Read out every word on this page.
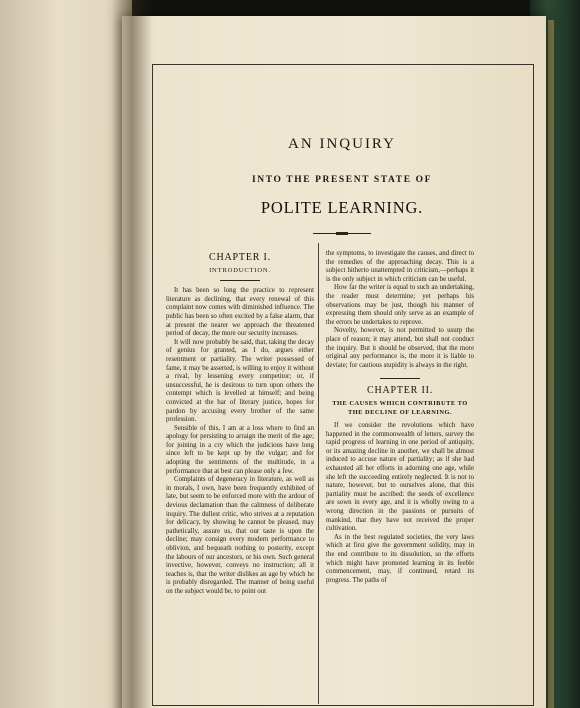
AN INQUIRY
INTO THE PRESENT STATE OF
POLITE LEARNING.
CHAPTER I.
INTRODUCTION.

It has been so long the practice to represent literature as declining, that every renewal of this complaint now comes with diminished influence. The public has been so often excited by a false alarm, that at present the nearer we approach the threatened period of decay, the more our security increases.

It will now probably be said, that, taking the decay of genius for granted, as I do, argues either resentment or partiality. The writer possessed of fame, it may be asserted, is willing to enjoy it without a rival, by lessening every competitor; or, if unsuccessful, he is desirous to turn upon others the contempt which is levelled at himself; and being convicted at the bar of literary justice, hopes for pardon by accusing every brother of the same profession.

Sensible of this, I am at a loss where to find an apology for persisting to arraign the merit of the age; for joining in a cry which the judicious have long since left to be kept up by the vulgar; and for adopting the sentiments of the multitude, in a performance that at best can please only a few.

Complaints of degeneracy in literature, as well as in morals, I own, have been frequently exhibited of late, but seem to be enforced more with the ardour of devious declamation than the calmness of deliberate inquiry. The dullest critic, who strives at a reputation for delicacy, by showing he cannot be pleased, may pathetically, assure us, that our taste is upon the decline; may consign every modern performance to oblivion, and bequeath nothing to posterity, except the labours of our ancestors, or his own. Such general invective, however, conveys no instruction; all it teaches is, that the writer dislikes an age by which he is probably disregarded. The manner of being useful on the subject would be, to point out

the symptoms, to investigate the causes, and direct to the remedies of the approaching decay. This is a subject hitherto unattempted in criticism,—perhaps it is the only subject in which criticism can be useful.

How far the writer is equal to such an undertaking, the reader must determine; yet perhaps his observations may be just, though his manner of expressing them should only serve as an example of the errors he undertakes to reprove.

Novelty, however, is not permitted to usurp the place of reason; it may attend, but shall not conduct the inquiry. But it should be observed, that the more original any performance is, the more it is liable to deviate; for cautious stupidity is always in the right.

CHAPTER II.
THE CAUSES WHICH CONTRIBUTE TO THE DECLINE OF LEARNING.

If we consider the revolutions which have happened in the commonwealth of letters, survey the rapid progress of learning in one period of antiquity, or its amazing decline in another, we shall be almost induced to accuse nature of partiality; as if she had exhausted all her efforts in adorning one age, while she left the succeeding entirely neglected. It is not to nature, however, but to ourselves alone, that this partiality must be ascribed: the seeds of excellence are sown in every age, and it is wholly owing to a wrong direction in the passions or pursuits of mankind, that they have not received the proper cultivation.

As in the best regulated societies, the very laws which at first give the government solidity, may in the end contribute to its dissolution, so the efforts which might have promoted learning in its feeble commencement, may, if continued, retard its progress. The paths of
